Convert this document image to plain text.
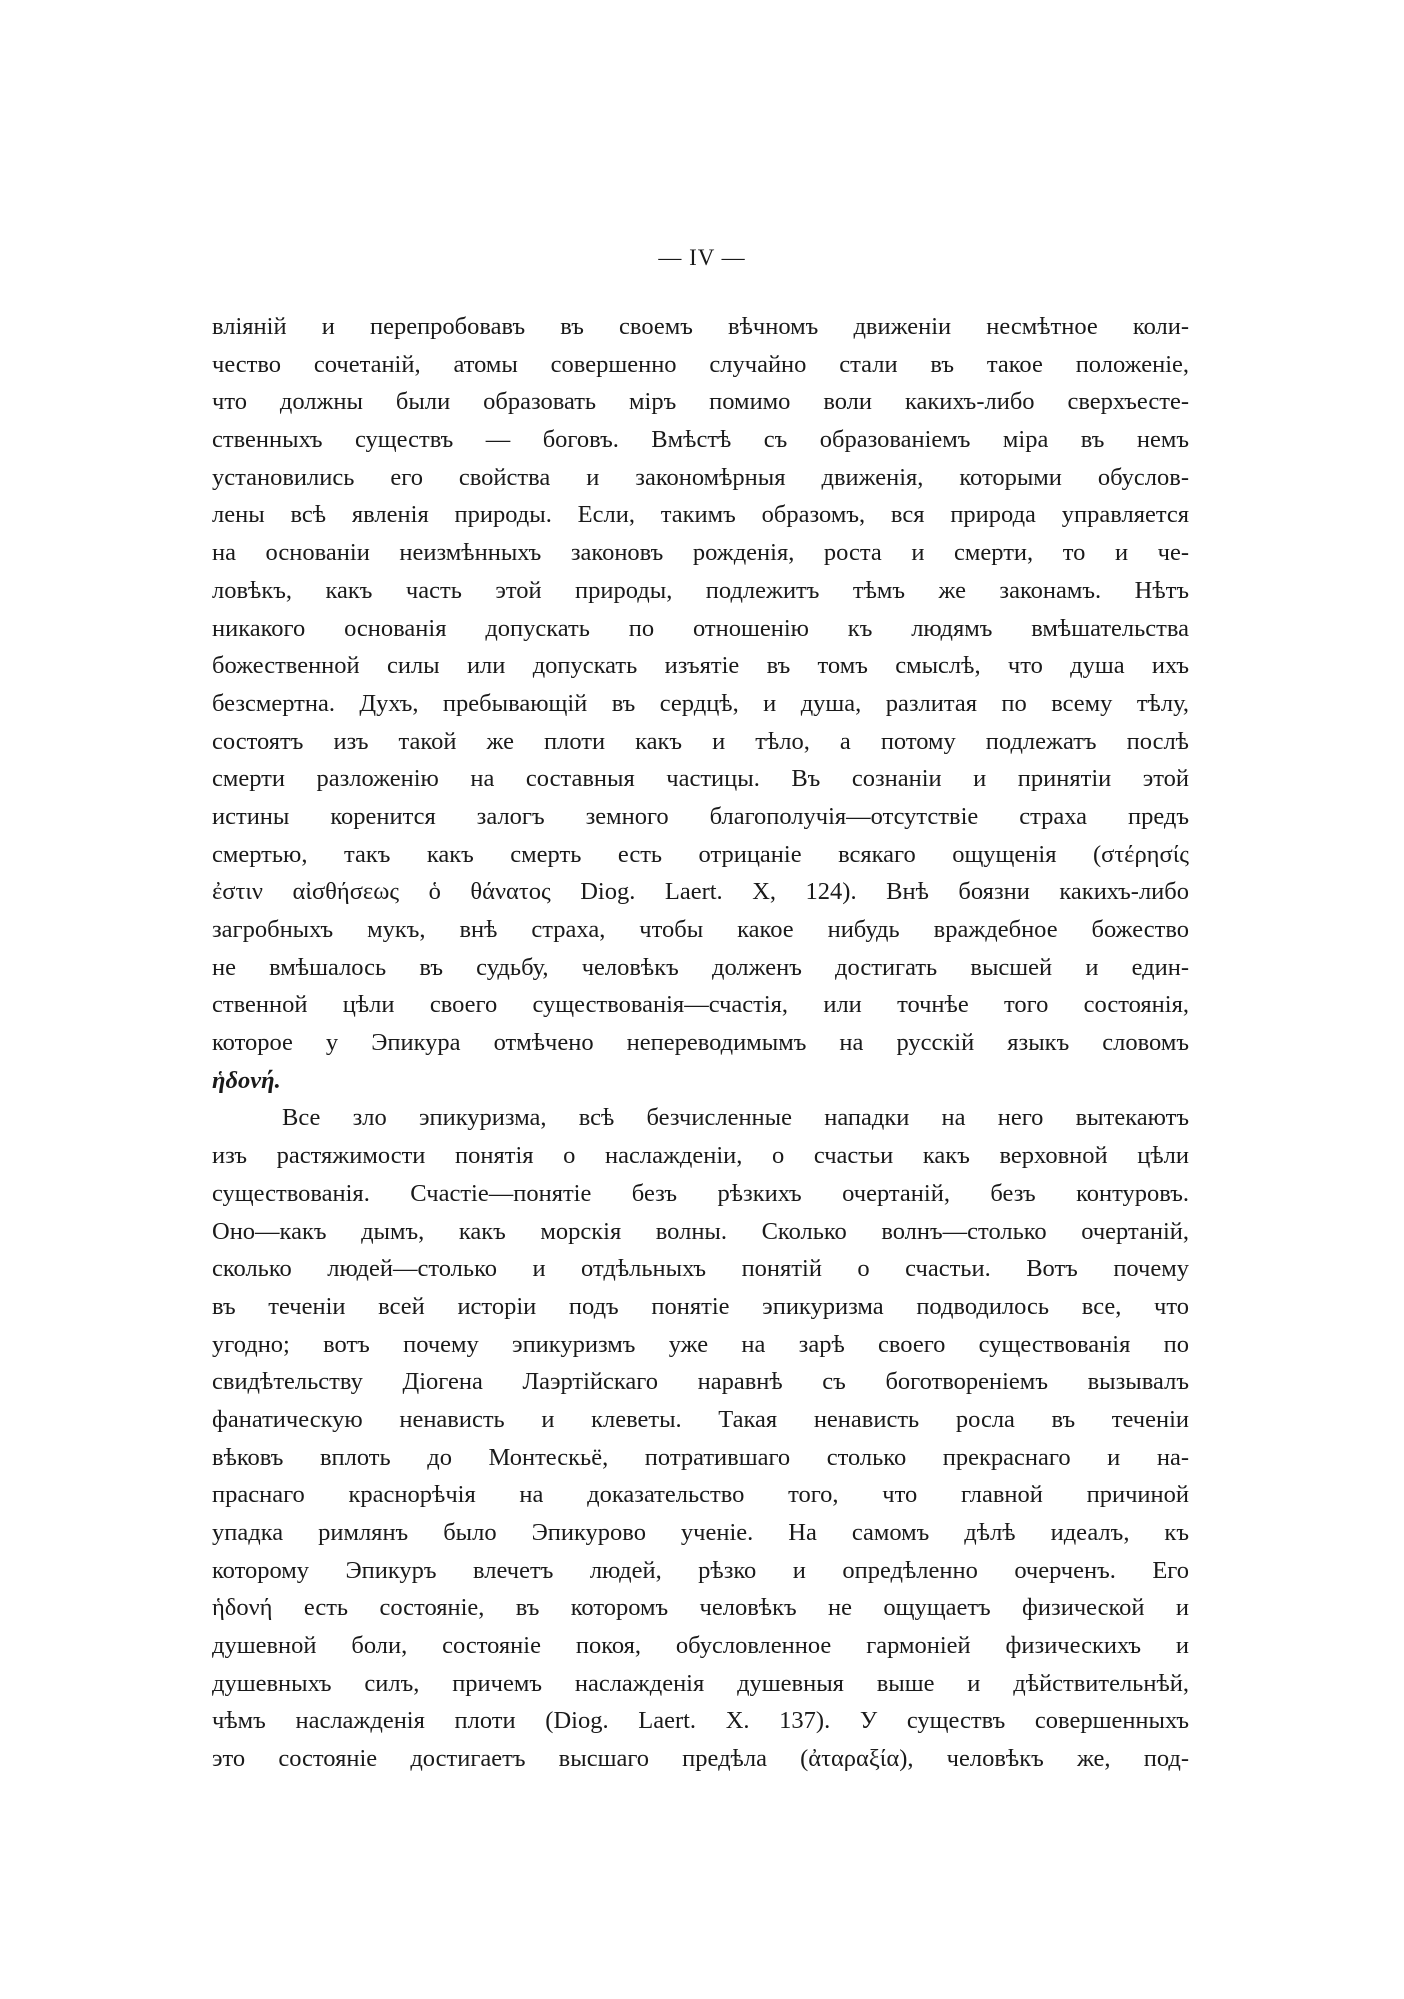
— IV —
вліяній и перепробовавъ въ своемъ вѣчномъ движеніи несмѣтное коли-
чество сочетаній, атомы совершенно случайно стали въ такое положеніе,
что должны были образовать міръ помимо воли какихъ-либо сверхъесте-
ственныхъ существъ — боговъ. Вмѣстѣ съ образованіемъ міра въ немъ
установились его свойства и закономѣрныя движенія, которыми обуслов-
лены всѣ явленія природы. Если, такимъ образомъ, вся природа управляется
на основаніи неизмѣнныхъ законовъ рожденія, роста и смерти, то и че-
ловѣкъ, какъ часть этой природы, подлежитъ тѣмъ же законамъ. Нѣтъ
никакого основанія допускать по отношенію къ людямъ вмѣшательства
божественной силы или допускать изъятіе въ томъ смыслѣ, что душа ихъ
безсмертна. Духъ, пребывающій въ сердцѣ, и душа, разлитая по всему тѣлу,
состоятъ изъ такой же плоти какъ и тѣло, а потому подлежатъ послѣ
смерти разложенію на составныя частицы. Въ сознаніи и принятіи этой
истины коренится залогъ земного благополучія—отсутствіе страха предъ
смертью, такъ какъ смерть есть отрицаніе всякаго ощущенія (στέρησίς
ἐστιν αἰσθήσεως ὁ θάνατος Diog. Laert. X, 124). Внѣ боязни какихъ-либо
загробныхъ мукъ, внѣ страха, чтобы какое нибудь враждебное божество
не вмѣшалось въ судьбу, человѣкъ долженъ достигать высшей и един-
ственной цѣли своего существованія—счастія, или точнѣе того состоянія,
которое у Эпикура отмѣчено непереводимымъ на русскій языкъ словомъ
ἡδονή.
Все зло эпикуризма, всѣ безчисленные нападки на него вытекаютъ
изъ растяжимости понятія о наслажденіи, о счастьи какъ верховной цѣли
существованія. Счастіе—понятіе безъ рѣзкихъ очертаній, безъ контуровъ.
Оно—какъ дымъ, какъ морскія волны. Сколько волнъ—столько очертаній,
сколько людей—столько и отдѣльныхъ понятій о счастьи. Вотъ почему
въ теченіи всей исторіи подъ понятіе эпикуризма подводилось все, что
угодно; вотъ почему эпикуризмъ уже на зарѣ своего существованія по
свидѣтельству Діогена Лаэртійскаго наравнѣ съ боготвореніемъ вызывалъ
фанатическую ненависть и клеветы. Такая ненависть росла въ теченіи
вѣковъ вплоть до Монтескьё, потратившаго столько прекраснаго и на-
праснаго краснорѣчія на доказательство того, что главной причиной
упадка римлянъ было Эпикурово ученіе. На самомъ дѣлѣ идеалъ, къ
которому Эпикуръ влечетъ людей, рѣзко и опредѣленно очерченъ. Его
ἡδονή есть состояніе, въ которомъ человѣкъ не ощущаетъ физической и
душевной боли, состояніе покоя, обусловленное гармоніей физическихъ и
душевныхъ силъ, причемъ наслажденія душевныя выше и дѣйствительнѣй,
чѣмъ наслажденія плоти (Diog. Laert. X. 137). У существъ совершенныхъ
это состояніе достигаетъ высшаго предѣла (ἀταραξία), человѣкъ же, под-
